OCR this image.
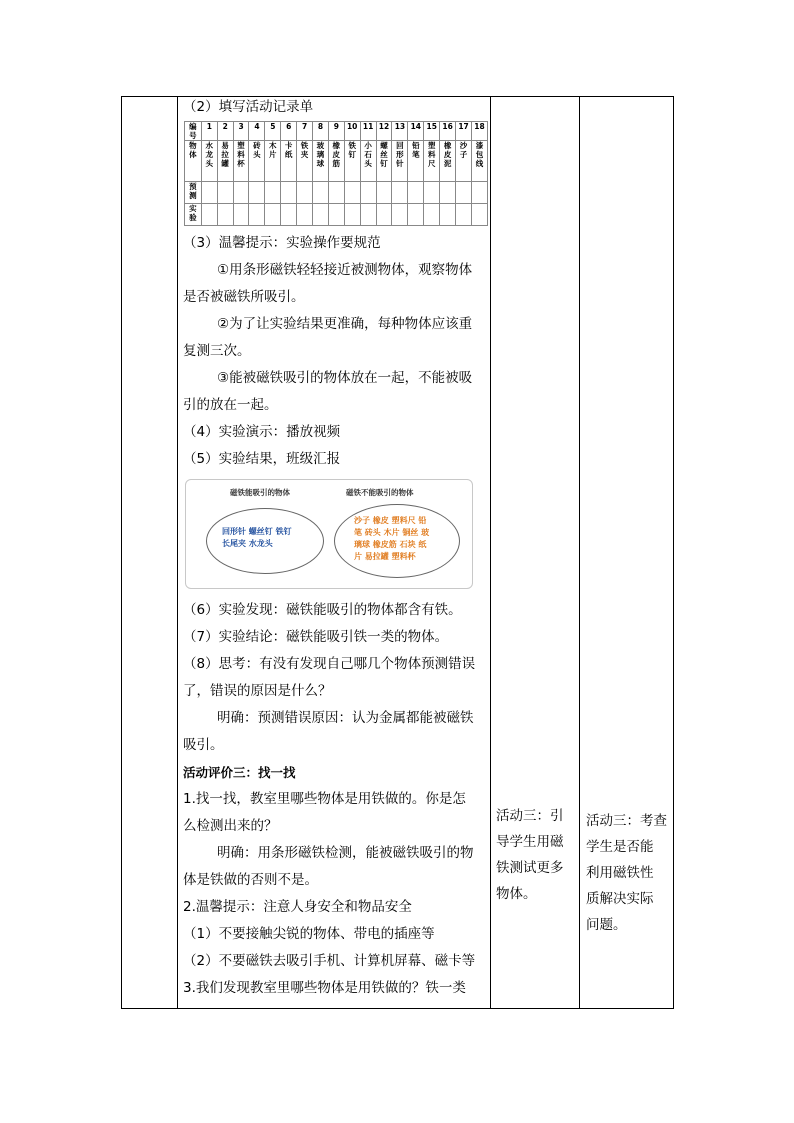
（2）填写活动记录单
编号	1	2	3	4	5	6	7	8	9	10	11	12	13	14	15	16	17	18
物体	水龙头	易拉罐	塑料杯	砖头	木片	卡纸	铁夹	玻璃球	橡皮筋	铁钉	小石头	螺丝钉	回形针	铅笔	塑料尺	橡皮泥	沙子	漆包线
预测																		
实验																		
（3）温馨提示：实验操作要规范
①用条形磁铁轻轻接近被测物体，观察物体
是否被磁铁所吸引。
②为了让实验结果更准确，每种物体应该重
复测三次。
③能被磁铁吸引的物体放在一起，不能被吸
引的放在一起。
（4）实验演示：播放视频
（5）实验结果，班级汇报
磁铁能吸引的物体	磁铁不能吸引的物体
回形针 螺丝钉 铁钉
长尾夹 水龙头
沙子 橡皮 塑料尺 铅
笔 砖头 木片 铜丝 玻
璃球 橡皮筋 石块 纸
片 易拉罐 塑料杯
（6）实验发现：磁铁能吸引的物体都含有铁。
（7）实验结论：磁铁能吸引铁一类的物体。
（8）思考：有没有发现自己哪几个物体预测错误
了，错误的原因是什么？
明确：预测错误原因：认为金属都能被磁铁
吸引。
活动评价三：找一找
1.找一找，教室里哪些物体是用铁做的。你是怎
么检测出来的？
明确：用条形磁铁检测，能被磁铁吸引的物
体是铁做的否则不是。
2.温馨提示：注意人身安全和物品安全
（1）不要接触尖锐的物体、带电的插座等
（2）不要磁铁去吸引手机、计算机屏幕、磁卡等
3.我们发现教室里哪些物体是用铁做的？铁一类
活动三：引
导学生用磁
铁测试更多
物体。
活动三：考查
学生是否能
利用磁铁性
质解决实际
问题。
